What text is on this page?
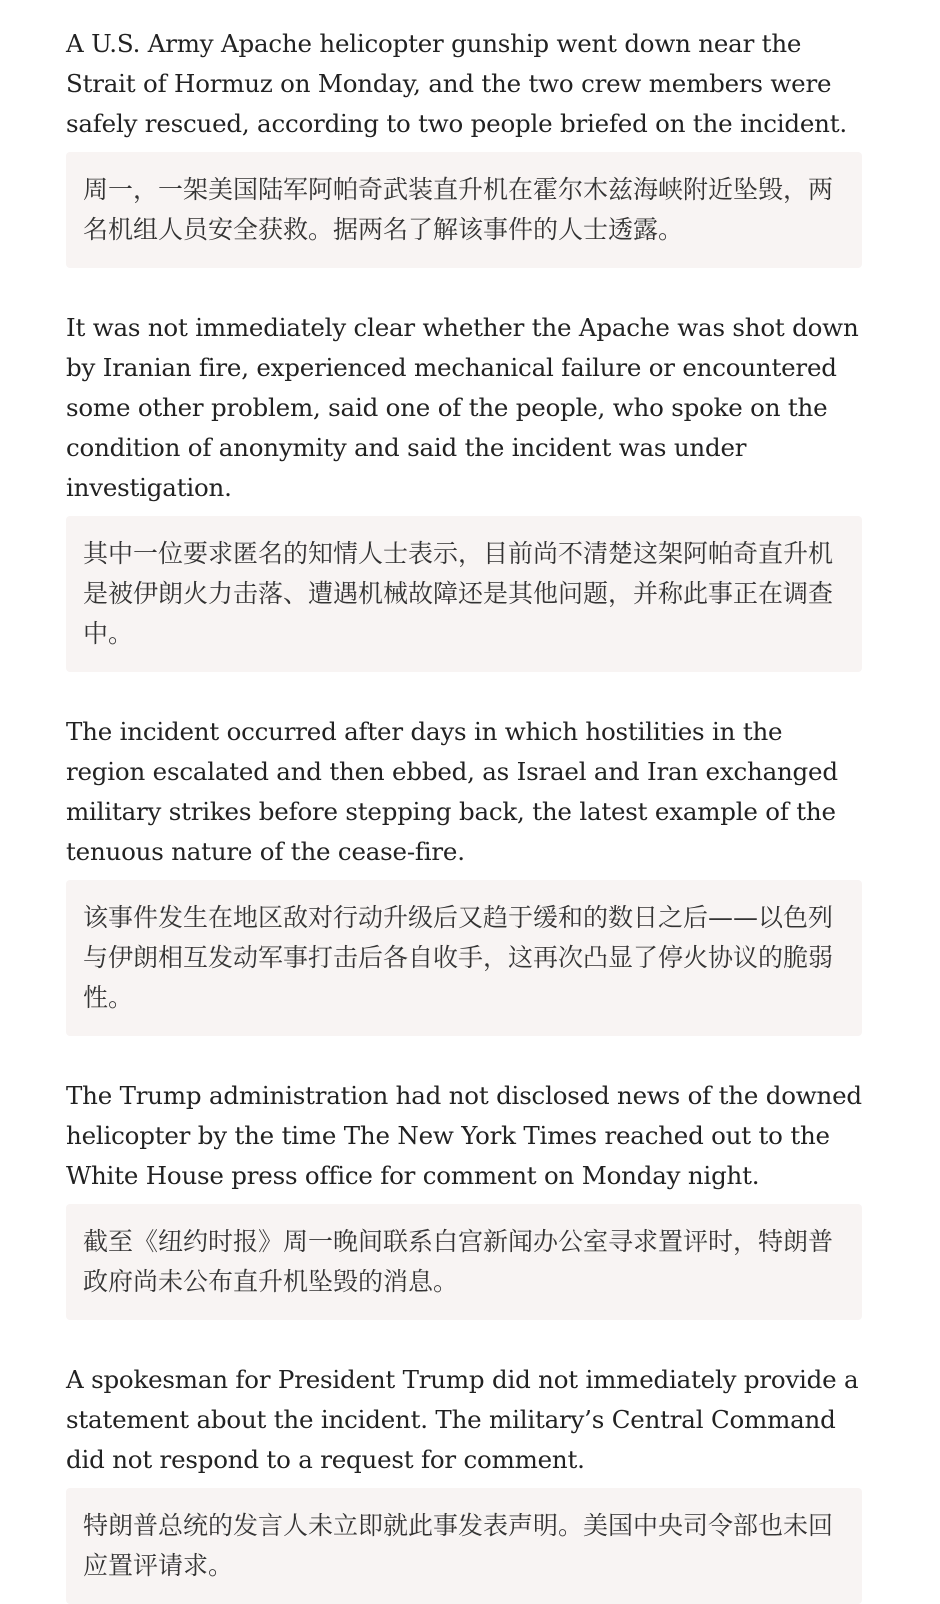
A U.S. Army Apache helicopter gunship went down near the Strait of Hormuz on Monday, and the two crew members were safely rescued, according to two people briefed on the incident.

周一，一架美国陆军阿帕奇武装直升机在霍尔木兹海峡附近坠毁，两名机组人员安全获救。据两名了解该事件的人士透露。

It was not immediately clear whether the Apache was shot down by Iranian fire, experienced mechanical failure or encountered some other problem, said one of the people, who spoke on the condition of anonymity and said the incident was under investigation.

其中一位要求匿名的知情人士表示，目前尚不清楚这架阿帕奇直升机是被伊朗火力击落、遭遇机械故障还是其他问题，并称此事正在调查中。

The incident occurred after days in which hostilities in the region escalated and then ebbed, as Israel and Iran exchanged military strikes before stepping back, the latest example of the tenuous nature of the cease-fire.

该事件发生在地区敌对行动升级后又趋于缓和的数日之后——以色列与伊朗相互发动军事打击后各自收手，这再次凸显了停火协议的脆弱性。

The Trump administration had not disclosed news of the downed helicopter by the time The New York Times reached out to the White House press office for comment on Monday night.

截至《纽约时报》周一晚间联系白宫新闻办公室寻求置评时，特朗普政府尚未公布直升机坠毁的消息。

A spokesman for President Trump did not immediately provide a statement about the incident. The military’s Central Command did not respond to a request for comment.

特朗普总统的发言人未立即就此事发表声明。美国中央司令部也未回应置评请求。
